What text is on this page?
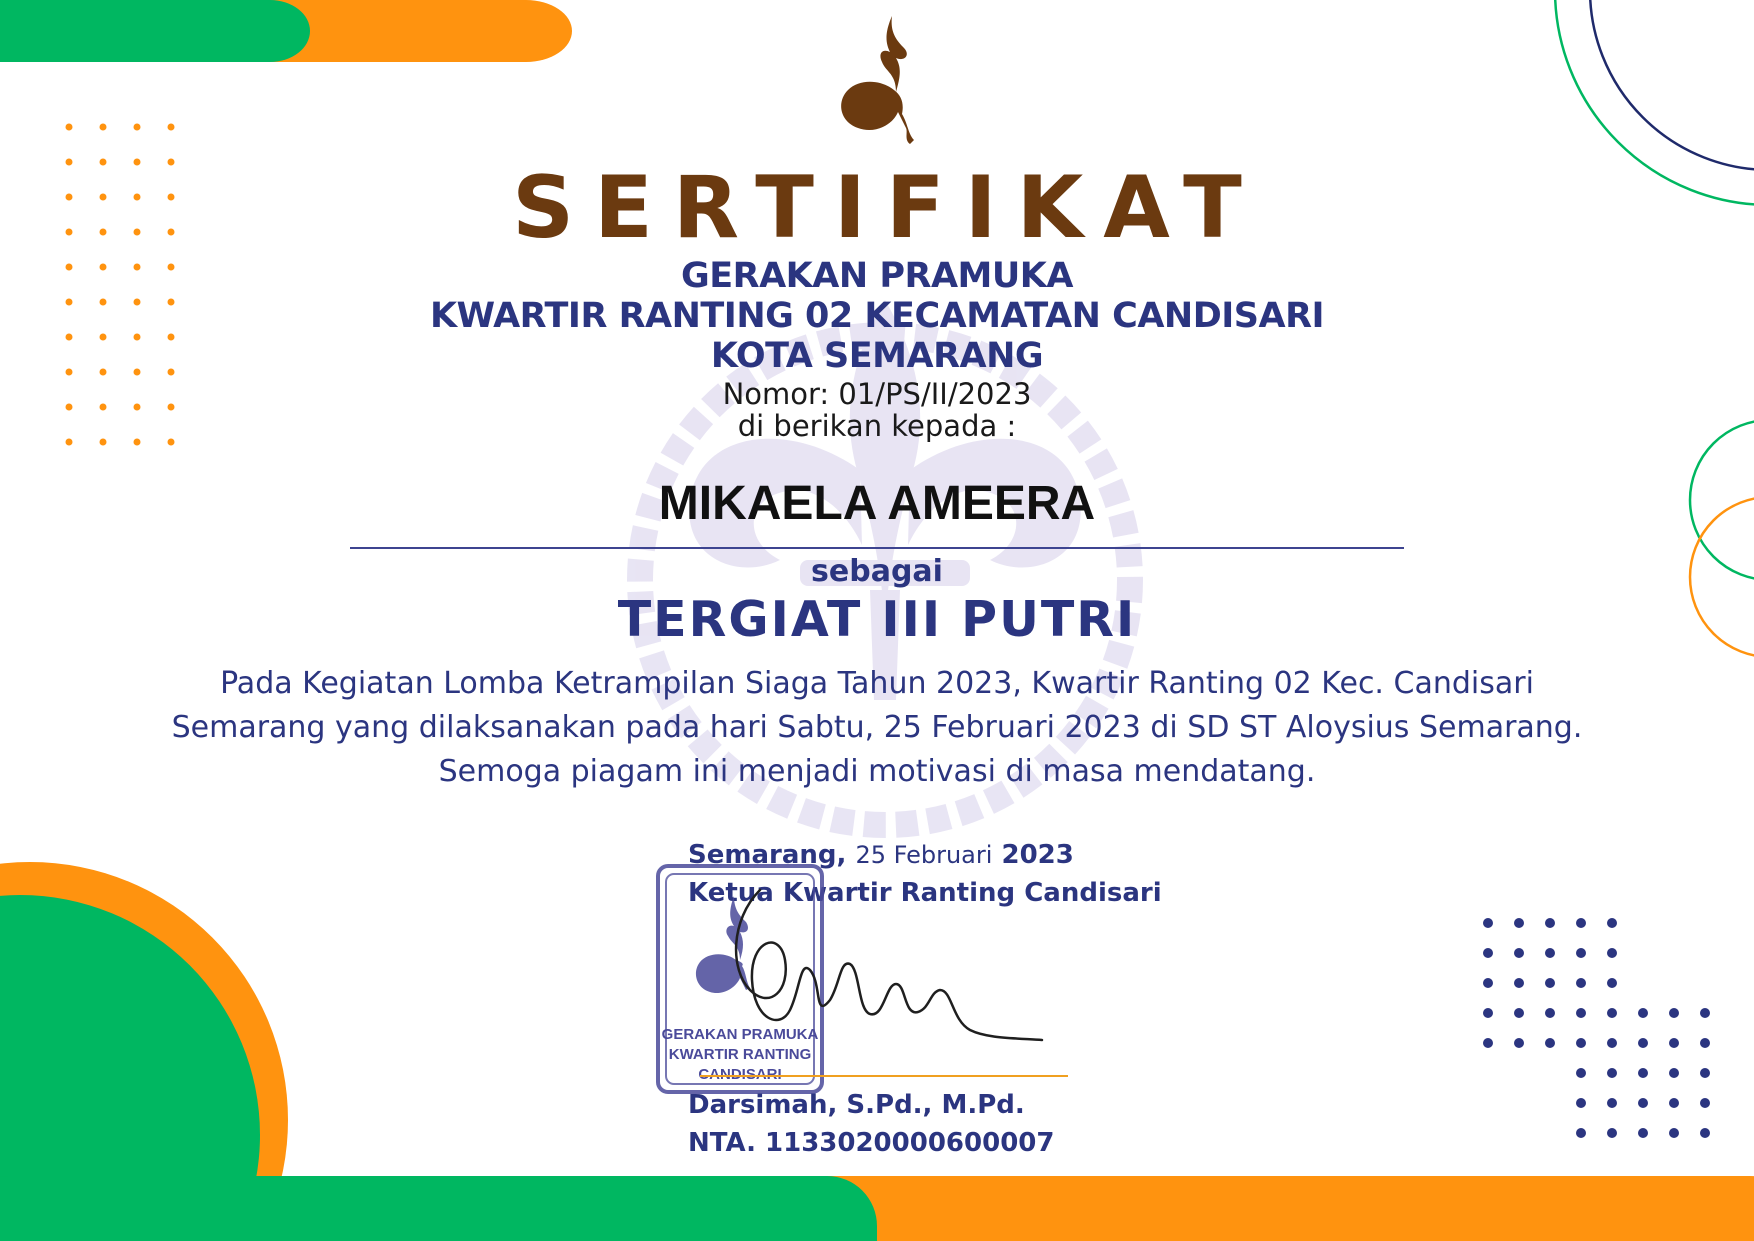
SERTIFIKAT
GERAKAN PRAMUKA
KWARTIR RANTING 02 KECAMATAN CANDISARI
KOTA SEMARANG
Nomor: 01/PS/II/2023
di berikan kepada :
MIKAELA AMEERA
sebagai
TERGIAT III PUTRI
Pada Kegiatan Lomba Ketrampilan Siaga Tahun 2023, Kwartir Ranting 02 Kec. Candisari
Semarang yang dilaksanakan pada hari Sabtu, 25 Februari 2023 di SD ST Aloysius Semarang.
Semoga piagam ini menjadi motivasi di masa mendatang.
Semarang, 25 Februari 2023
Ketua Kwartir Ranting Candisari
GERAKAN PRAMUKA
KWARTIR RANTING
Darsimah, S.Pd., M.Pd.
NTA. 1133020000600007
